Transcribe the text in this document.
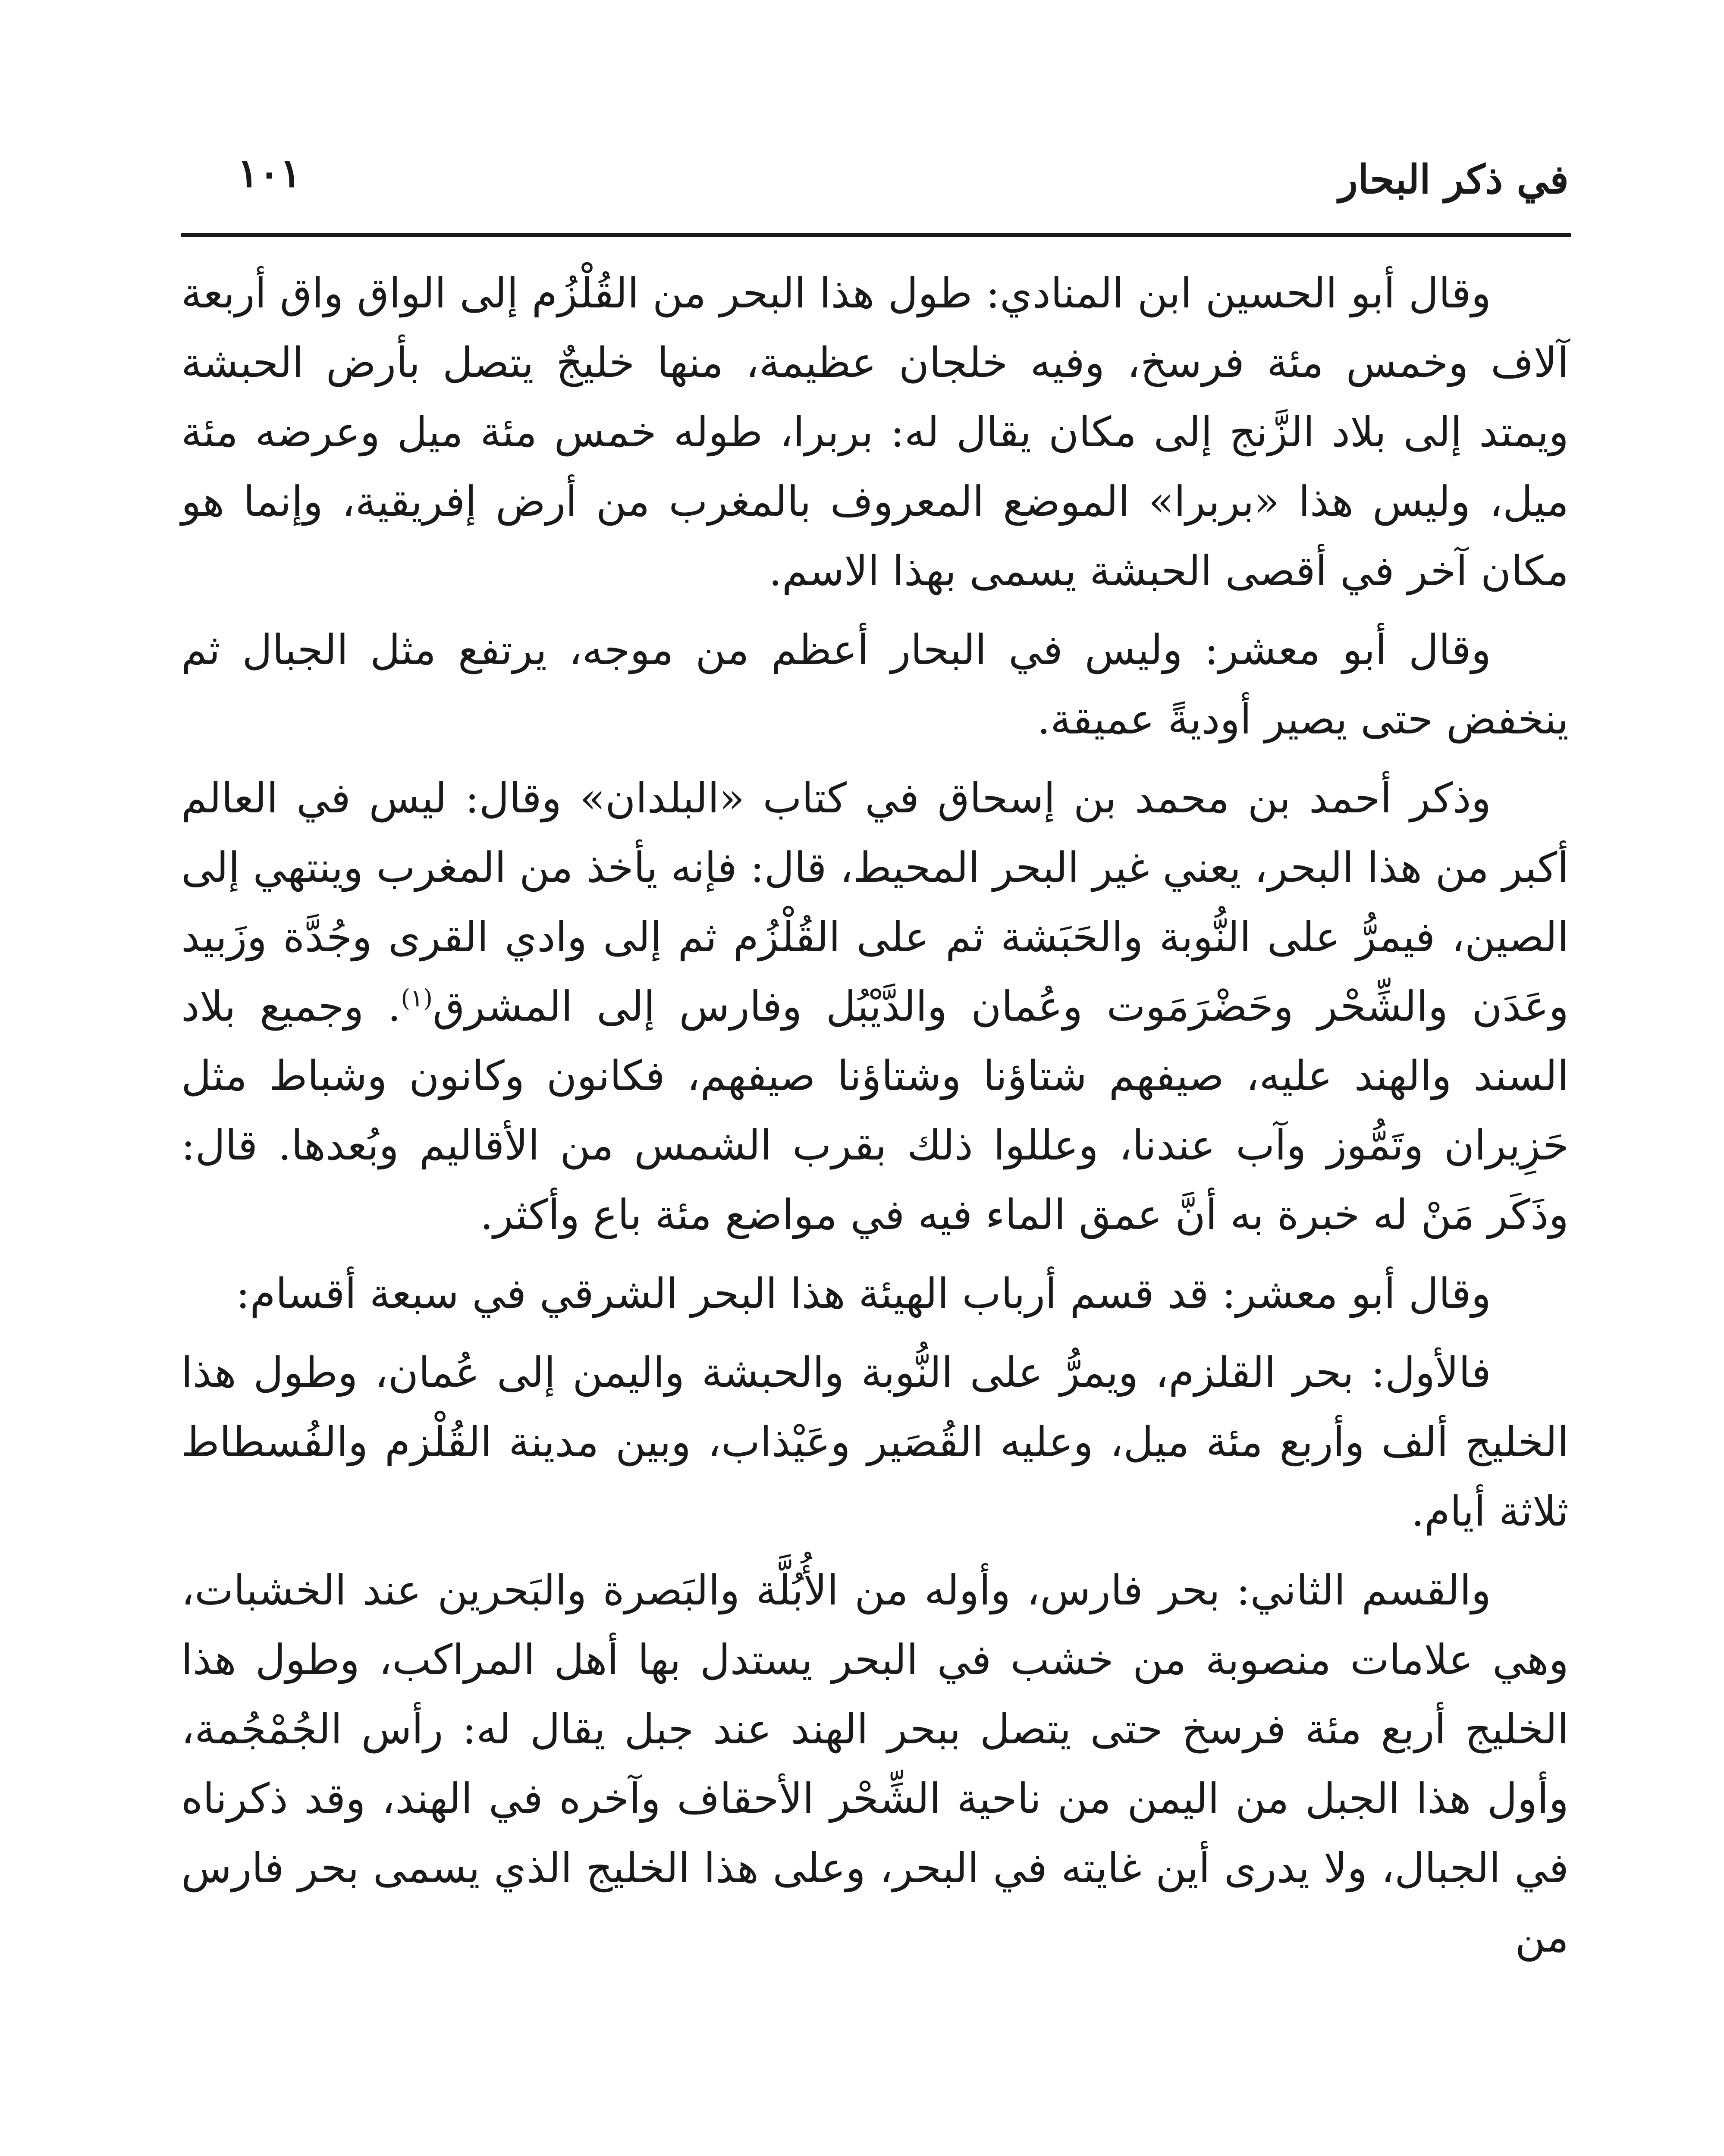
في ذكر البحار
١٠١

وقال أبو الحسين ابن المنادي: طول هذا البحر من القُلْزُم إلى الواق واق أربعة آلاف وخمس مئة فرسخ، وفيه خلجان عظيمة، منها خليجٌ يتصل بأرض الحبشة ويمتد إلى بلاد الزَّنج إلى مكان يقال له: بربرا، طوله خمس مئة ميل وعرضه مئة ميل، وليس هذا «بربرا» الموضع المعروف بالمغرب من أرض إفريقية، وإنما هو مكان آخر في أقصى الحبشة يسمى بهذا الاسم.

وقال أبو معشر: وليس في البحار أعظم من موجه، يرتفع مثل الجبال ثم ينخفض حتى يصير أوديةً عميقة.

وذكر أحمد بن محمد بن إسحاق في كتاب «البلدان» وقال: ليس في العالم أكبر من هذا البحر، يعني غير البحر المحيط، قال: فإنه يأخذ من المغرب وينتهي إلى الصين، فيمرُّ على النُّوبة والحَبَشة ثم على القُلْزُم ثم إلى وادي القرى وجُدَّة وزَبيد وعَدَن والشِّحْر وحَضْرَمَوت وعُمان والدَّيْبُل وفارس إلى المشرق$^{(١)}$. وجميع بلاد السند والهند عليه، صيفهم شتاؤنا وشتاؤنا صيفهم، فكانون وكانون وشباط مثل حَزِيران وتَمُّوز وآب عندنا، وعللوا ذلك بقرب الشمس من الأقاليم وبُعدها. قال: وذَكَر مَنْ له خبرة به أنَّ عمق الماء فيه في مواضع مئة باع وأكثر.

وقال أبو معشر: قد قسم أرباب الهيئة هذا البحر الشرقي في سبعة أقسام:

فالأول: بحر القلزم، ويمرُّ على النُّوبة والحبشة واليمن إلى عُمان، وطول هذا الخليج ألف وأربع مئة ميل، وعليه القُصَير وعَيْذاب، وبين مدينة القُلْزم والفُسطاط ثلاثة أيام.

والقسم الثاني: بحر فارس، وأوله من الأُبُلَّة والبَصرة والبَحرين عند الخشبات، وهي علامات منصوبة من خشب في البحر يستدل بها أهل المراكب، وطول هذا الخليج أربع مئة فرسخ حتى يتصل ببحر الهند عند جبل يقال له: رأس الجُمْجُمة، وأول هذا الجبل من اليمن من ناحية الشِّحْر الأحقاف وآخره في الهند، وقد ذكرناه في الجبال، ولا يدرى أين غايته في البحر، وعلى هذا الخليج الذي يسمى بحر فارس من
